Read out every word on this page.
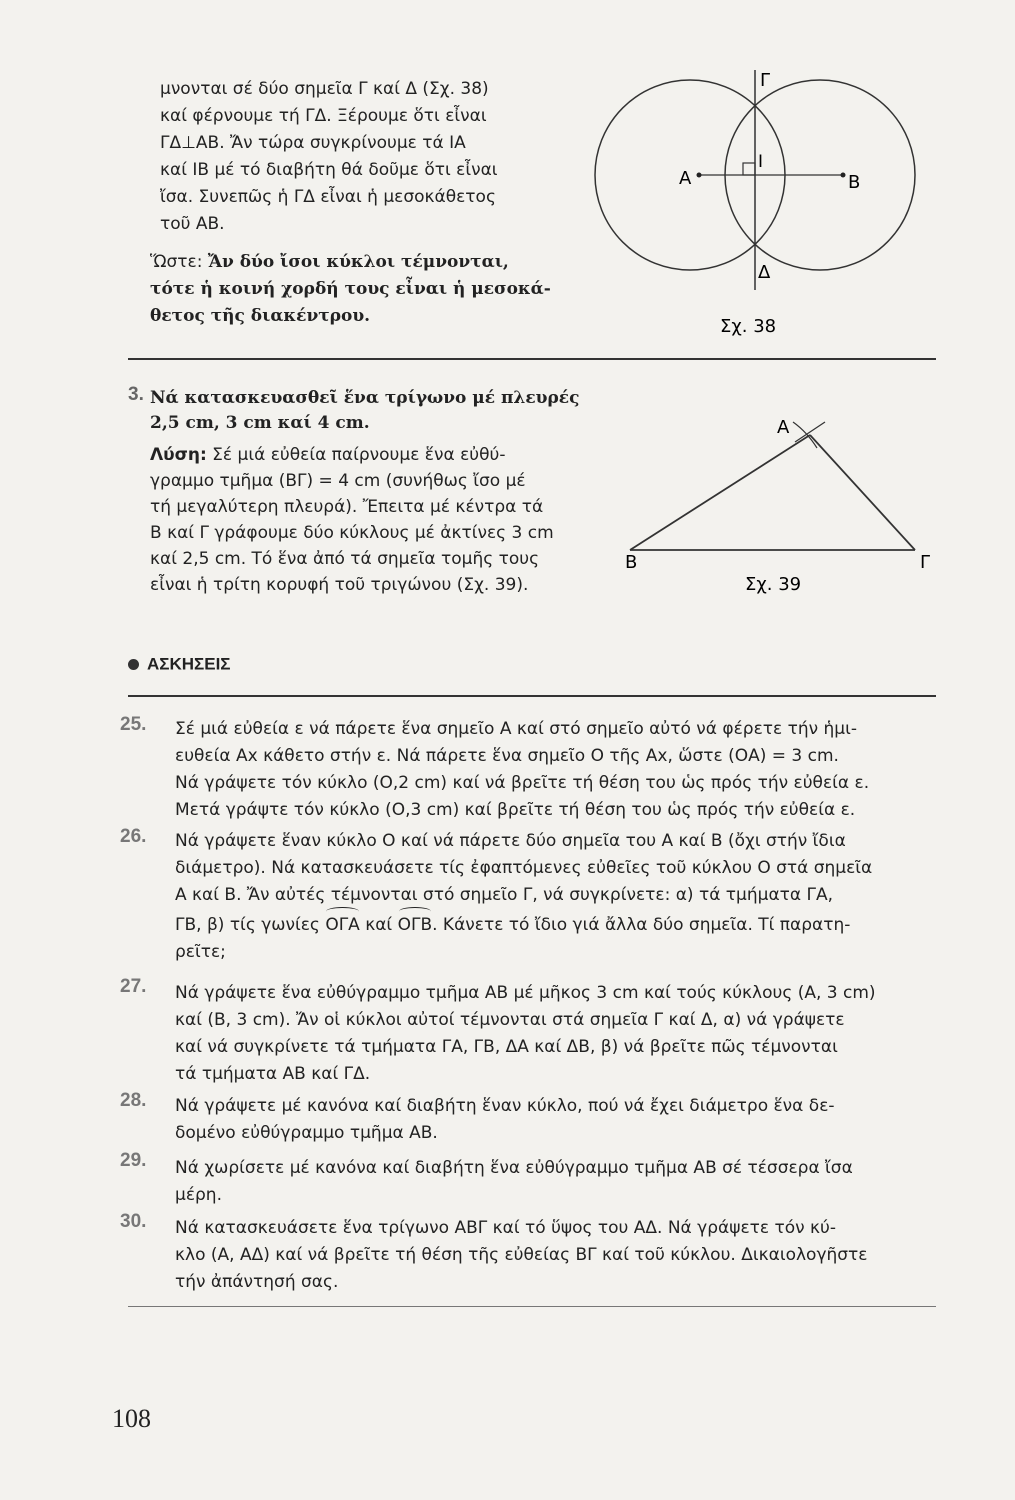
μνονται σέ δύο σημεῖα Γ καί Δ (Σχ. 38)
καί φέρνουμε τή ΓΔ. Ξέρουμε ὅτι εἶναι
ΓΔ⊥ΑΒ. Ἄν τώρα συγκρίνουμε τά ΙΑ
καί ΙΒ μέ τό διαβήτη θά δοῦμε ὅτι εἶναι
ἴσα. Συνεπῶς ἡ ΓΔ εἶναι ἡ μεσοκάθετος
τοῦ ΑΒ.
Ὥστε: Ἄν δύο ἴσοι κύκλοι τέμνονται,
τότε ἡ κοινή χορδή τους εἶναι ἡ μεσοκά-
θετος τῆς διακέντρου.
Γ
Α	Β
Δ
Ι
Σχ. 38
3. Νά κατασκευασθεῖ ἕνα τρίγωνο μέ πλευρές
2,5 cm, 3 cm καί 4 cm.
Λύση: Σέ μιά εὐθεία παίρνουμε ἕνα εὐθύ-
γραμμο τμῆμα (ΒΓ) = 4 cm (συνήθως ἴσο μέ
τή μεγαλύτερη πλευρά). Ἔπειτα μέ κέντρα τά
Β καί Γ γράφουμε δύο κύκλους μέ ἀκτίνες 3 cm
καί 2,5 cm. Τό ἕνα ἀπό τά σημεῖα τομῆς τους
εἶναι ἡ τρίτη κορυφή τοῦ τριγώνου (Σχ. 39).
Α
Β	Γ
Σχ. 39
ΑΣΚΗΣΕΙΣ
25. Σέ μιά εὐθεία ε νά πάρετε ἕνα σημεῖο Α καί στό σημεῖο αὐτό νά φέρετε τήν ἡμι-
ευθεία Αx κάθετο στήν ε. Νά πάρετε ἕνα σημεῖο Ο τῆς Αx, ὥστε (ΟΑ) = 3 cm.
Νά γράψετε τόν κύκλο (Ο,2 cm) καί νά βρεῖτε τή θέση του ὡς πρός τήν εὐθεία ε.
Μετά γράψτε τόν κύκλο (Ο,3 cm) καί βρεῖτε τή θέση του ὡς πρός τήν εὐθεία ε.
26. Νά γράψετε ἕναν κύκλο Ο καί νά πάρετε δύο σημεῖα του Α καί Β (ὄχι στήν ἴδια
διάμετρο). Νά κατασκευάσετε τίς ἐφαπτόμενες εὐθεῖες τοῦ κύκλου Ο στά σημεῖα
Α καί Β. Ἄν αὐτές τέμνονται στό σημεῖο Γ, νά συγκρίνετε: α) τά τμήματα ΓΑ,
ΓΒ, β) τίς γωνίες ΟΓΑ καί ΟΓΒ. Κάνετε τό ἴδιο γιά ἄλλα δύο σημεῖα. Τί παρατη-
ρεῖτε;
27. Νά γράψετε ἕνα εὐθύγραμμο τμῆμα ΑΒ μέ μῆκος 3 cm καί τούς κύκλους (Α, 3 cm)
καί (Β, 3 cm). Ἄν οἱ κύκλοι αὐτοί τέμνονται στά σημεῖα Γ καί Δ, α) νά γράψετε
καί νά συγκρίνετε τά τμήματα ΓΑ, ΓΒ, ΔΑ καί ΔΒ, β) νά βρεῖτε πῶς τέμνονται
τά τμήματα ΑΒ καί ΓΔ.
28. Νά γράψετε μέ κανόνα καί διαβήτη ἕναν κύκλο, πού νά ἔχει διάμετρο ἕνα δε-
δομένο εὐθύγραμμο τμῆμα ΑΒ.
29. Νά χωρίσετε μέ κανόνα καί διαβήτη ἕνα εὐθύγραμμο τμῆμα ΑΒ σέ τέσσερα ἴσα
μέρη.
30. Νά κατασκευάσετε ἕνα τρίγωνο ΑΒΓ καί τό ὕψος του ΑΔ. Νά γράψετε τόν κύ-
κλο (Α, ΑΔ) καί νά βρεῖτε τή θέση τῆς εὐθείας ΒΓ καί τοῦ κύκλου. Δικαιολογῆστε
τήν ἀπάντησή σας.
108
